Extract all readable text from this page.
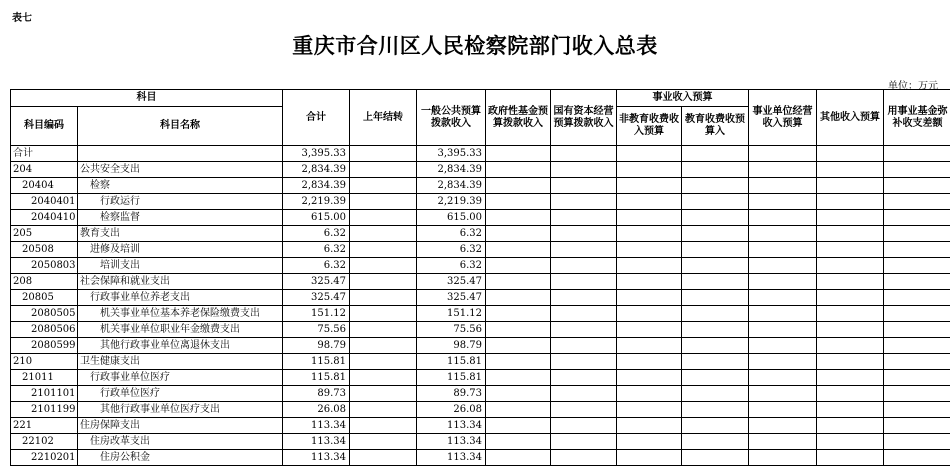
表七
重庆市合川区人民检察院部门收入总表
单位：万元
科目		合计	上年结转	一般公共预算拨款收入	政府性基金预算拨款收入	国有资本经营预算拨款收入	事业收入预算		事业单位经营收入预算	其他收入预算	用事业基金弥补收支差额
科目编码	科目名称						非教育收费收入预算	教育收费收预算入			
合计		3,395.33		3,395.33							
204	公共安全支出	2,834.39		2,834.39							
20404	检察	2,834.39		2,834.39							
2040401	行政运行	2,219.39		2,219.39							
2040410	检察监督	615.00		615.00							
205	教育支出	6.32		6.32							
20508	进修及培训	6.32		6.32							
2050803	培训支出	6.32		6.32							
208	社会保障和就业支出	325.47		325.47							
20805	行政事业单位养老支出	325.47		325.47							
2080505	机关事业单位基本养老保险缴费支出	151.12		151.12							
2080506	机关事业单位职业年金缴费支出	75.56		75.56							
2080599	其他行政事业单位离退休支出	98.79		98.79							
210	卫生健康支出	115.81		115.81							
21011	行政事业单位医疗	115.81		115.81							
2101101	行政单位医疗	89.73		89.73							
2101199	其他行政事业单位医疗支出	26.08		26.08							
221	住房保障支出	113.34		113.34							
22102	住房改革支出	113.34		113.34							
2210201	住房公积金	113.34		113.34							
